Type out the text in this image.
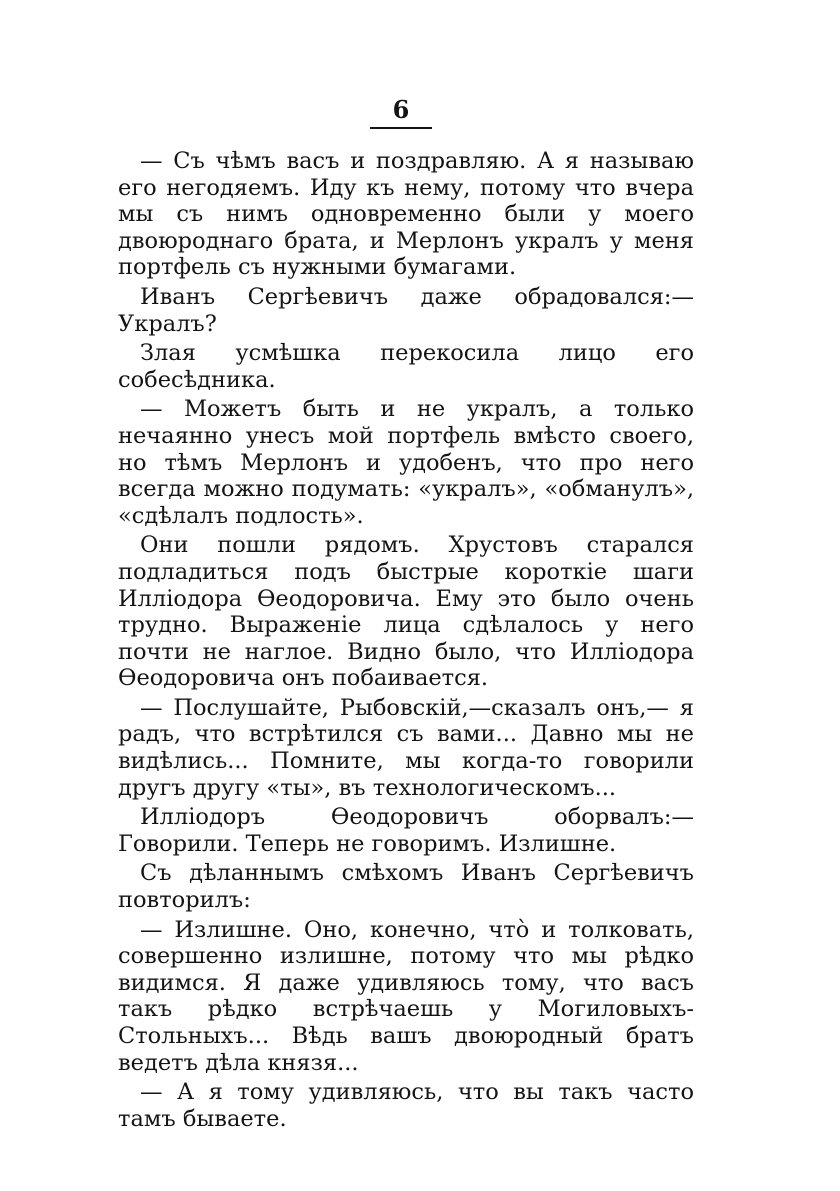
6

— Съ чѣмъ васъ и поздравляю. А я называю его негодяемъ. Иду къ нему, потому что вчера мы съ нимъ одновременно были у моего двоюроднаго брата, и Мерлонъ укралъ у меня портфель съ нужными бумагами.

Иванъ Сергѣевичъ даже обрадовался:—Укралъ?

Злая усмѣшка перекосила лицо его собесѣдника.

— Можетъ быть и не укралъ, а только нечаянно унесъ мой портфель вмѣсто своего, но тѣмъ Мерлонъ и удобенъ, что про него всегда можно подумать: «укралъ», «обманулъ», «сдѣлалъ подлость».

Они пошли рядомъ. Хрустовъ старался подладиться подъ быстрые короткіе шаги Илліодора Ѳеодоровича. Ему это было очень трудно. Выраженіе лица сдѣлалось у него почти не наглое. Видно было, что Илліодора Ѳеодоровича онъ побаивается.

— Послушайте, Рыбовскій,—сказалъ онъ,— я радъ, что встрѣтился съ вами... Давно мы не видѣлись... Помните, мы когда-то говорили другъ другу «ты», въ технологическомъ...

Илліодоръ Ѳеодоровичъ оборвалъ:—Говорили. Теперь не говоримъ. Излишне.

Съ дѣланнымъ смѣхомъ Иванъ Сергѣевичъ повторилъ:

— Излишне. Оно, конечно, что̀ и толковать, совершенно излишне, потому что мы рѣдко видимся. Я даже удивляюсь тому, что васъ такъ рѣдко встрѣчаешь у Могиловыхъ-Стольныхъ... Вѣдь вашъ двоюродный братъ ведетъ дѣла князя...

— А я тому удивляюсь, что вы такъ часто тамъ бываете.
